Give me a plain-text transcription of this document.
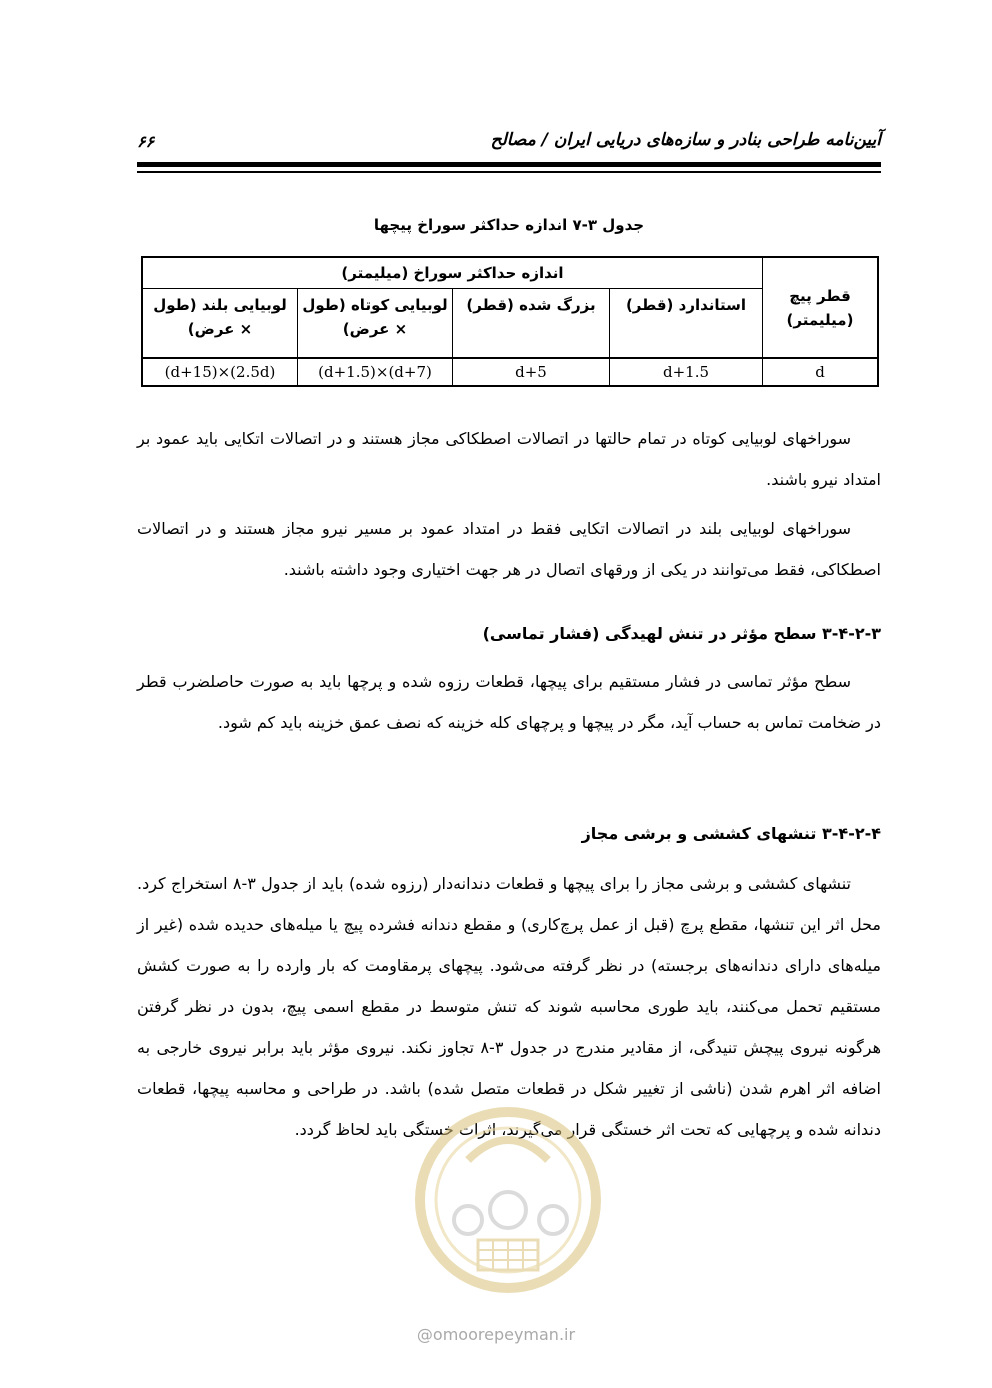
۶۶	آیین‌نامه طراحی بنادر و سازه‌های دریایی ایران / مصالح
جدول ۳-۷ اندازه حداکثر سوراخ پیچها
قطر پیچ (میلیمتر)	اندازه حداکثر سوراخ (میلیمتر)			
	استاندارد (قطر)	بزرگ شده (قطر)	لوبیایی کوتاه (طول × عرض)	لوبیایی بلند (طول × عرض)
d	d+1.5	d+5	(d+1.5)×(d+7)	(d+15)×(2.5d)
سوراخهای لوبیایی کوتاه در تمام حالتها در اتصالات اصطکاکی مجاز هستند و در اتصالات اتکایی باید عمود بر امتداد نیرو باشند.
سوراخهای لوبیایی بلند در اتصالات اتکایی فقط در امتداد عمود بر مسیر نیرو مجاز هستند و در اتصالات اصطکاکی، فقط می‌توانند در یکی از ورقهای اتصال در هر جهت اختیاری وجود داشته باشند.
۳-۴-۲-۳ سطح مؤثر در تنش لهیدگی (فشار تماسی)
سطح مؤثر تماسی در فشار مستقیم برای پیچها، قطعات رزوه شده و پرچها باید به صورت حاصلضرب قطر در ضخامت تماس به حساب آید، مگر در پیچها و پرچهای کله خزینه که نصف عمق خزینه باید کم شود.
۳-۴-۲-۴ تنشهای کششی و برشی مجاز
تنشهای کششی و برشی مجاز را برای پیچها و قطعات دندانه‌دار (رزوه شده) باید از جدول ۳-۸ استخراج کرد. محل اثر این تنشها، مقطع پرچ (قبل از عمل پرچ‌کاری) و مقطع دندانه فشرده پیچ یا میله‌های حدیده شده (غیر از میله‌های دارای دندانه‌های برجسته) در نظر گرفته می‌شود. پیچهای پرمقاومت که بار وارده را به صورت کشش مستقیم تحمل می‌کنند، باید طوری محاسبه شوند که تنش متوسط در مقطع اسمی پیچ، بدون در نظر گرفتن هرگونه نیروی پیچش تنیدگی، از مقادیر مندرج در جدول ۳-۸ تجاوز نکند. نیروی مؤثر باید برابر نیروی خارجی به اضافه اثر اهرم شدن (ناشی از تغییر شکل در قطعات متصل شده) باشد. در طراحی و محاسبه پیچها، قطعات دندانه شده و پرچهایی که تحت اثر خستگی قرار می‌گیرند، اثرات خستگی باید لحاظ گردد.
@omoorepeyman.ir
